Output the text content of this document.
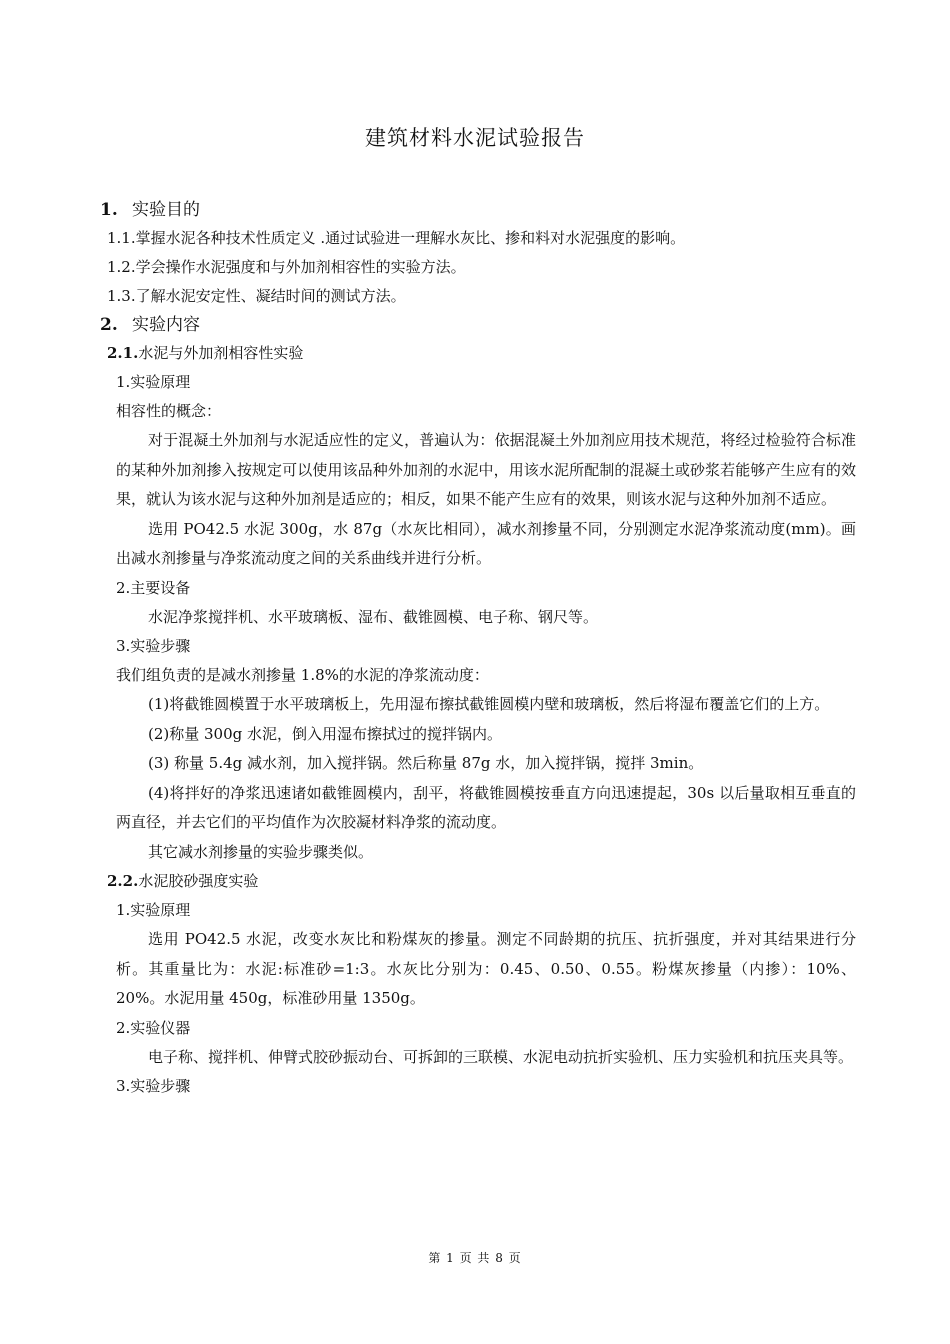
建筑材料水泥试验报告
1. 实验目的
1.1.掌握水泥各种技术性质定义 .通过试验进一理解水灰比、掺和料对水泥强度的影响。
1.2.学会操作水泥强度和与外加剂相容性的实验方法。
1.3.了解水泥安定性、凝结时间的测试方法。
2. 实验内容
2.1.水泥与外加剂相容性实验
1.实验原理
相容性的概念：
对于混凝土外加剂与水泥适应性的定义，普遍认为：依据混凝土外加剂应用技术规范，将经过检验符合标准的某种外加剂掺入按规定可以使用该品种外加剂的水泥中，用该水泥所配制的混凝土或砂浆若能够产生应有的效果，就认为该水泥与这种外加剂是适应的；相反，如果不能产生应有的效果，则该水泥与这种外加剂不适应。
选用 PO42.5 水泥 300g，水 87g（水灰比相同），减水剂掺量不同，分别测定水泥净浆流动度(mm)。画出减水剂掺量与净浆流动度之间的关系曲线并进行分析。
2.主要设备
水泥净浆搅拌机、水平玻璃板、湿布、截锥圆模、电子称、钢尺等。
3.实验步骤
我们组负责的是减水剂掺量 1.8%的水泥的净浆流动度：
(1)将截锥圆模置于水平玻璃板上，先用湿布擦拭截锥圆模内壁和玻璃板，然后将湿布覆盖它们的上方。
(2)称量 300g 水泥，倒入用湿布擦拭过的搅拌锅内。
(3) 称量 5.4g 减水剂，加入搅拌锅。然后称量 87g 水，加入搅拌锅，搅拌 3min。
(4)将拌好的净浆迅速诸如截锥圆模内，刮平，将截锥圆模按垂直方向迅速提起，30s 以后量取相互垂直的两直径，并去它们的平均值作为次胶凝材料净浆的流动度。
其它减水剂掺量的实验步骤类似。
2.2.水泥胶砂强度实验
1.实验原理
选用 PO42.5 水泥，改变水灰比和粉煤灰的掺量。测定不同龄期的抗压、抗折强度，并对其结果进行分析。其重量比为：水泥:标准砂=1:3。水灰比分别为：0.45、0.50、0.55。粉煤灰掺量（内掺）：10%、20%。水泥用量 450g，标准砂用量 1350g。
2.实验仪器
电子称、搅拌机、伸臂式胶砂振动台、可拆卸的三联模、水泥电动抗折实验机、压力实验机和抗压夹具等。
3.实验步骤
第 1 页 共 8 页
